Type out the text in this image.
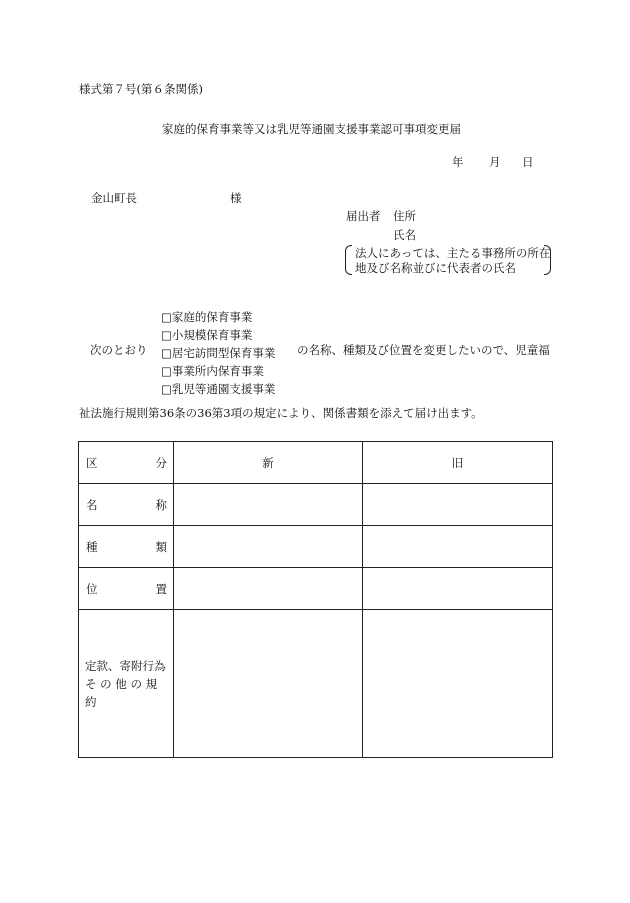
様式第７号(第６条関係)
家庭的保育事業等又は乳児等通園支援事業認可事項変更届
年 月 日
金山町長	様
届出者 住所
氏名
法人にあっては、主たる事務所の所在
地及び名称並びに代表者の氏名
次のとおり
□家庭的保育事業
□小規模保育事業
□居宅訪問型保育事業
□事業所内保育事業
□乳児等通園支援事業
の名称、種類及び位置を変更したいので、児童福
祉法施行規則第36条の36第3項の規定により、関係書類を添えて届け出ます。
区 分	新	旧

名 称		

種 類		

位 置		

定款、寄附行為
そ の 他 の 規 約		
